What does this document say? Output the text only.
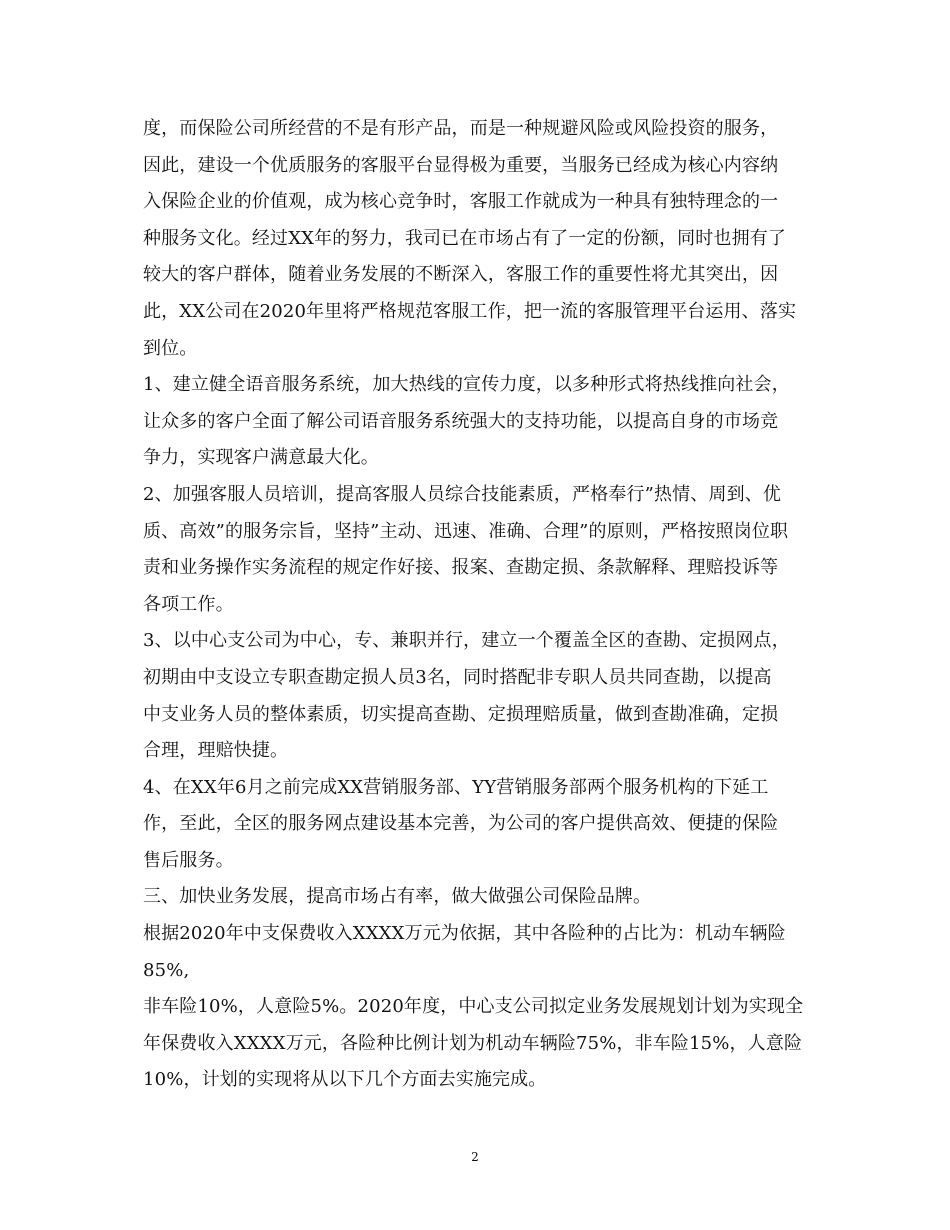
度，而保险公司所经营的不是有形产品，而是一种规避风险或风险投资的服务，
因此，建设一个优质服务的客服平台显得极为重要，当服务已经成为核心内容纳
入保险企业的价值观，成为核心竞争时，客服工作就成为一种具有独特理念的一
种服务文化。经过XX年的努力，我司已在市场占有了一定的份额，同时也拥有了
较大的客户群体，随着业务发展的不断深入，客服工作的重要性将尤其突出，因
此，XX公司在2020年里将严格规范客服工作，把一流的客服管理平台运用、落实
到位。
1、建立健全语音服务系统，加大热线的宣传力度，以多种形式将热线推向社会，
让众多的客户全面了解公司语音服务系统强大的支持功能，以提高自身的市场竞
争力，实现客户满意最大化。
2、加强客服人员培训，提高客服人员综合技能素质，严格奉行”热情、周到、优
质、高效”的服务宗旨，坚持”主动、迅速、准确、合理”的原则，严格按照岗位职
责和业务操作实务流程的规定作好接、报案、查勘定损、条款解释、理赔投诉等
各项工作。
3、以中心支公司为中心，专、兼职并行，建立一个覆盖全区的查勘、定损网点，
初期由中支设立专职查勘定损人员3名，同时搭配非专职人员共同查勘，以提高
中支业务人员的整体素质，切实提高查勘、定损理赔质量，做到查勘准确，定损
合理，理赔快捷。
4、在XX年6月之前完成XX营销服务部、YY营销服务部两个服务机构的下延工
作，至此，全区的服务网点建设基本完善，为公司的客户提供高效、便捷的保险
售后服务。
三、加快业务发展，提高市场占有率，做大做强公司保险品牌。
根据2020年中支保费收入XXXX万元为依据，其中各险种的占比为：机动车辆险
85%,
非车险10%，人意险5%。2020年度，中心支公司拟定业务发展规划计划为实现全
年保费收入XXXX万元，各险种比例计划为机动车辆险75%，非车险15%，人意险
10%，计划的实现将从以下几个方面去实施完成。
2
